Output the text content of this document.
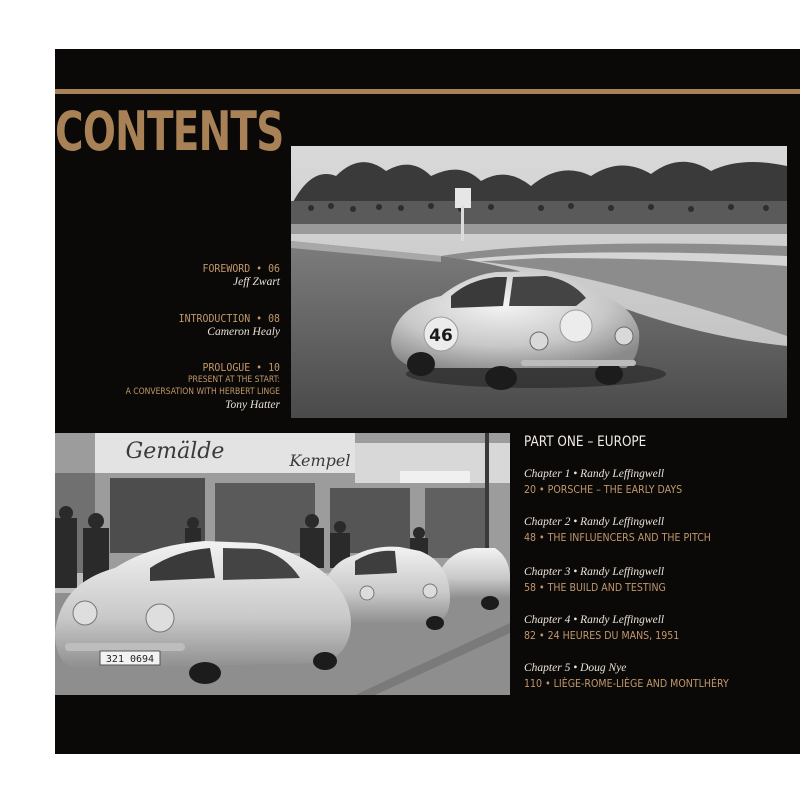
CONTENTS
FOREWORD • 06
Jeff Zwart
INTRODUCTION • 08
Cameron Healy
PROLOGUE • 10
PRESENT AT THE START:
A CONVERSATION WITH HERBERT LINGE
Tony Hatter
46
Gemälde	Kempel
321 0694
PART ONE – EUROPE
Chapter 1 • Randy Leffingwell
20 • PORSCHE – THE EARLY DAYS
Chapter 2 • Randy Leffingwell
48 • THE INFLUENCERS AND THE PITCH
Chapter 3 • Randy Leffingwell
58 • THE BUILD AND TESTING
Chapter 4 • Randy Leffingwell
82 • 24 HEURES DU MANS, 1951
Chapter 5 • Doug Nye
110 • LIÈGE-ROME-LIÈGE AND MONTLHÉRY
